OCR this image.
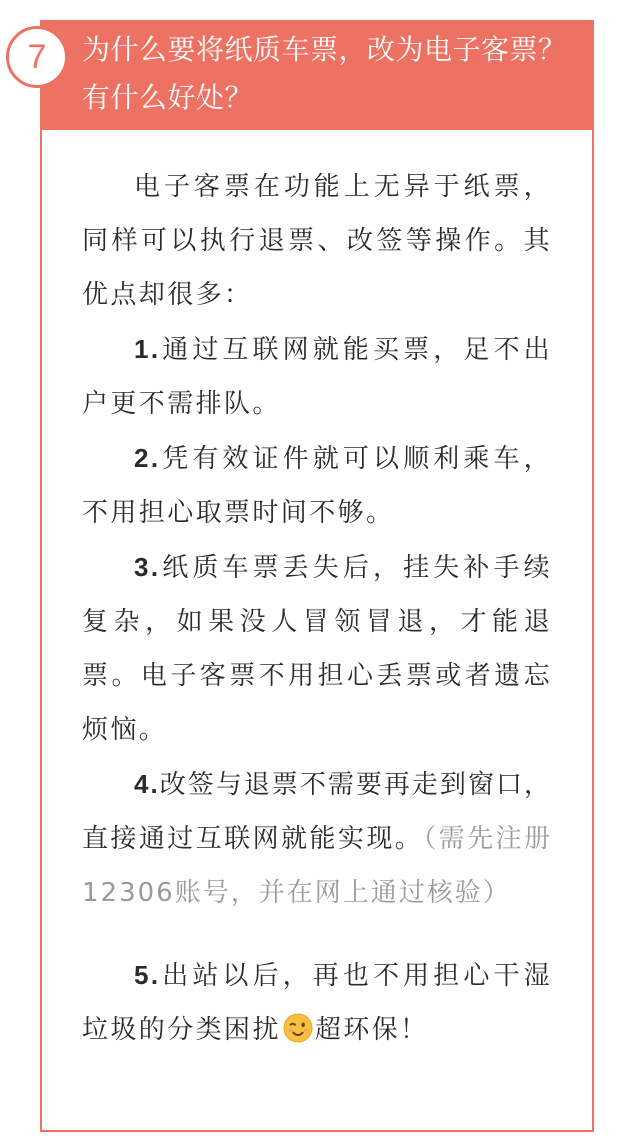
7 为什么要将纸质车票，改为电子客票？有什么好处？

电子客票在功能上无异于纸票，同样可以执行退票、改签等操作。其优点却很多：

1.通过互联网就能买票，足不出户更不需排队。

2.凭有效证件就可以顺利乘车，不用担心取票时间不够。

3.纸质车票丢失后，挂失补手续复杂，如果没人冒领冒退，才能退票。电子客票不用担心丢票或者遗忘烦恼。

4.改签与退票不需要再走到窗口，直接通过互联网就能实现。（需先注册12306账号，并在网上通过核验）

5.出站以后，再也不用担心干湿垃圾的分类困扰 超环保！
